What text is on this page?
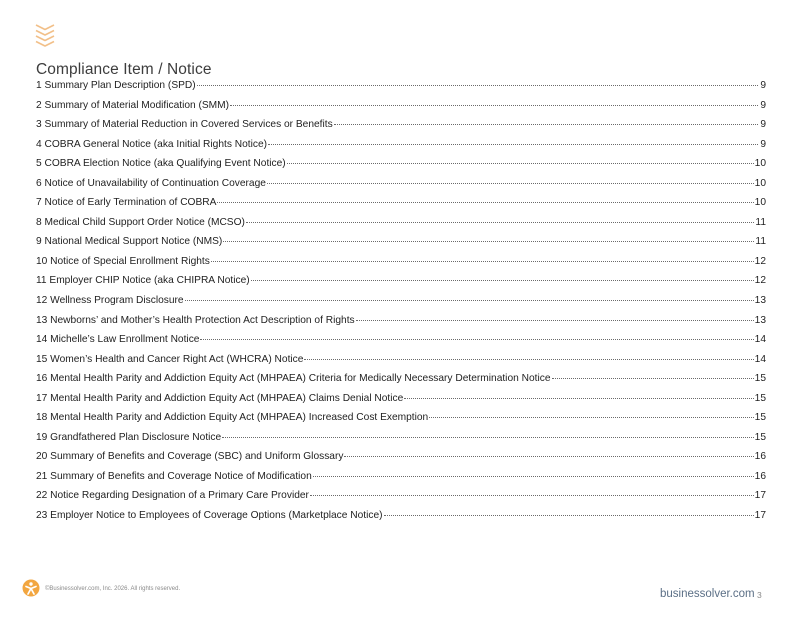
Compliance Item / Notice
1 Summary Plan Description (SPD)	9
2 Summary of Material Modification (SMM)	9
3 Summary of Material Reduction in Covered Services or Benefits	9
4 COBRA General Notice (aka Initial Rights Notice)	9
5 COBRA Election Notice (aka Qualifying Event Notice)	10
6 Notice of Unavailability of Continuation Coverage	10
7 Notice of Early Termination of COBRA	10
8 Medical Child Support Order Notice (MCSO)	11
9 National Medical Support Notice (NMS)	11
10 Notice of Special Enrollment Rights	12
11 Employer CHIP Notice (aka CHIPRA Notice)	12
12 Wellness Program Disclosure	13
13 Newborns’ and Mother’s Health Protection Act Description of Rights	13
14 Michelle’s Law Enrollment Notice	14
15 Women’s Health and Cancer Right Act (WHCRA) Notice	14
16 Mental Health Parity and Addiction Equity Act (MHPAEA) Criteria for Medically Necessary Determination Notice	15
17 Mental Health Parity and Addiction Equity Act (MHPAEA) Claims Denial Notice	15
18 Mental Health Parity and Addiction Equity Act (MHPAEA) Increased Cost Exemption	15
19 Grandfathered Plan Disclosure Notice	15
20 Summary of Benefits and Coverage (SBC) and Uniform Glossary	16
21 Summary of Benefits and Coverage Notice of Modification	16
22 Notice Regarding Designation of a Primary Care Provider	17
23 Employer Notice to Employees of Coverage Options (Marketplace Notice)	17
©Businessolver.com, Inc. 2026. All rights reserved.	businessolver.com 3
